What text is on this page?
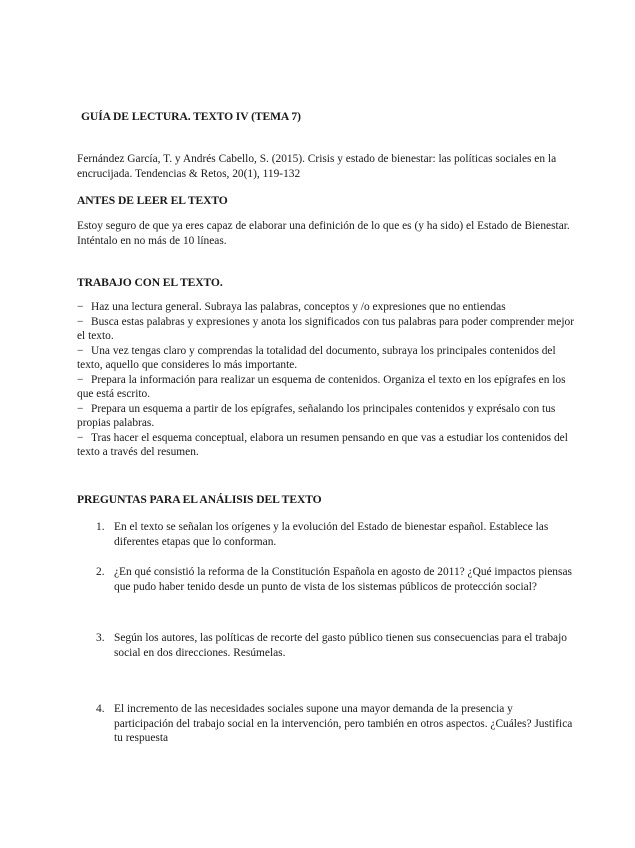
GUÍA DE LECTURA. TEXTO IV (TEMA 7)
Fernández García, T. y Andrés Cabello, S. (2015). Crisis y estado de bienestar: las políticas sociales en la encrucijada. Tendencias & Retos, 20(1), 119-132
ANTES DE LEER EL TEXTO
Estoy seguro de que ya eres capaz de elaborar una definición de lo que es (y ha sido) el Estado de Bienestar. Inténtalo en no más de 10 líneas.
TRABAJO CON EL TEXTO.
− Haz una lectura general. Subraya las palabras, conceptos y /o expresiones que no entiendas
− Busca estas palabras y expresiones y anota los significados con tus palabras para poder comprender mejor el texto.
− Una vez tengas claro y comprendas la totalidad del documento, subraya los principales contenidos del texto, aquello que consideres lo más importante.
− Prepara la información para realizar un esquema de contenidos. Organiza el texto en los epígrafes en los que está escrito.
− Prepara un esquema a partir de los epígrafes, señalando los principales contenidos y exprésalo con tus propias palabras.
− Tras hacer el esquema conceptual, elabora un resumen pensando en que vas a estudiar los contenidos del texto a través del resumen.
PREGUNTAS PARA EL ANÁLISIS DEL TEXTO
1. En el texto se señalan los orígenes y la evolución del Estado de bienestar español. Establece las diferentes etapas que lo conforman.
2. ¿En qué consistió la reforma de la Constitución Española en agosto de 2011? ¿Qué impactos piensas que pudo haber tenido desde un punto de vista de los sistemas públicos de protección social?
3. Según los autores, las políticas de recorte del gasto público tienen sus consecuencias para el trabajo social en dos direcciones. Resúmelas.
4. El incremento de las necesidades sociales supone una mayor demanda de la presencia y participación del trabajo social en la intervención, pero también en otros aspectos. ¿Cuáles? Justifica tu respuesta
